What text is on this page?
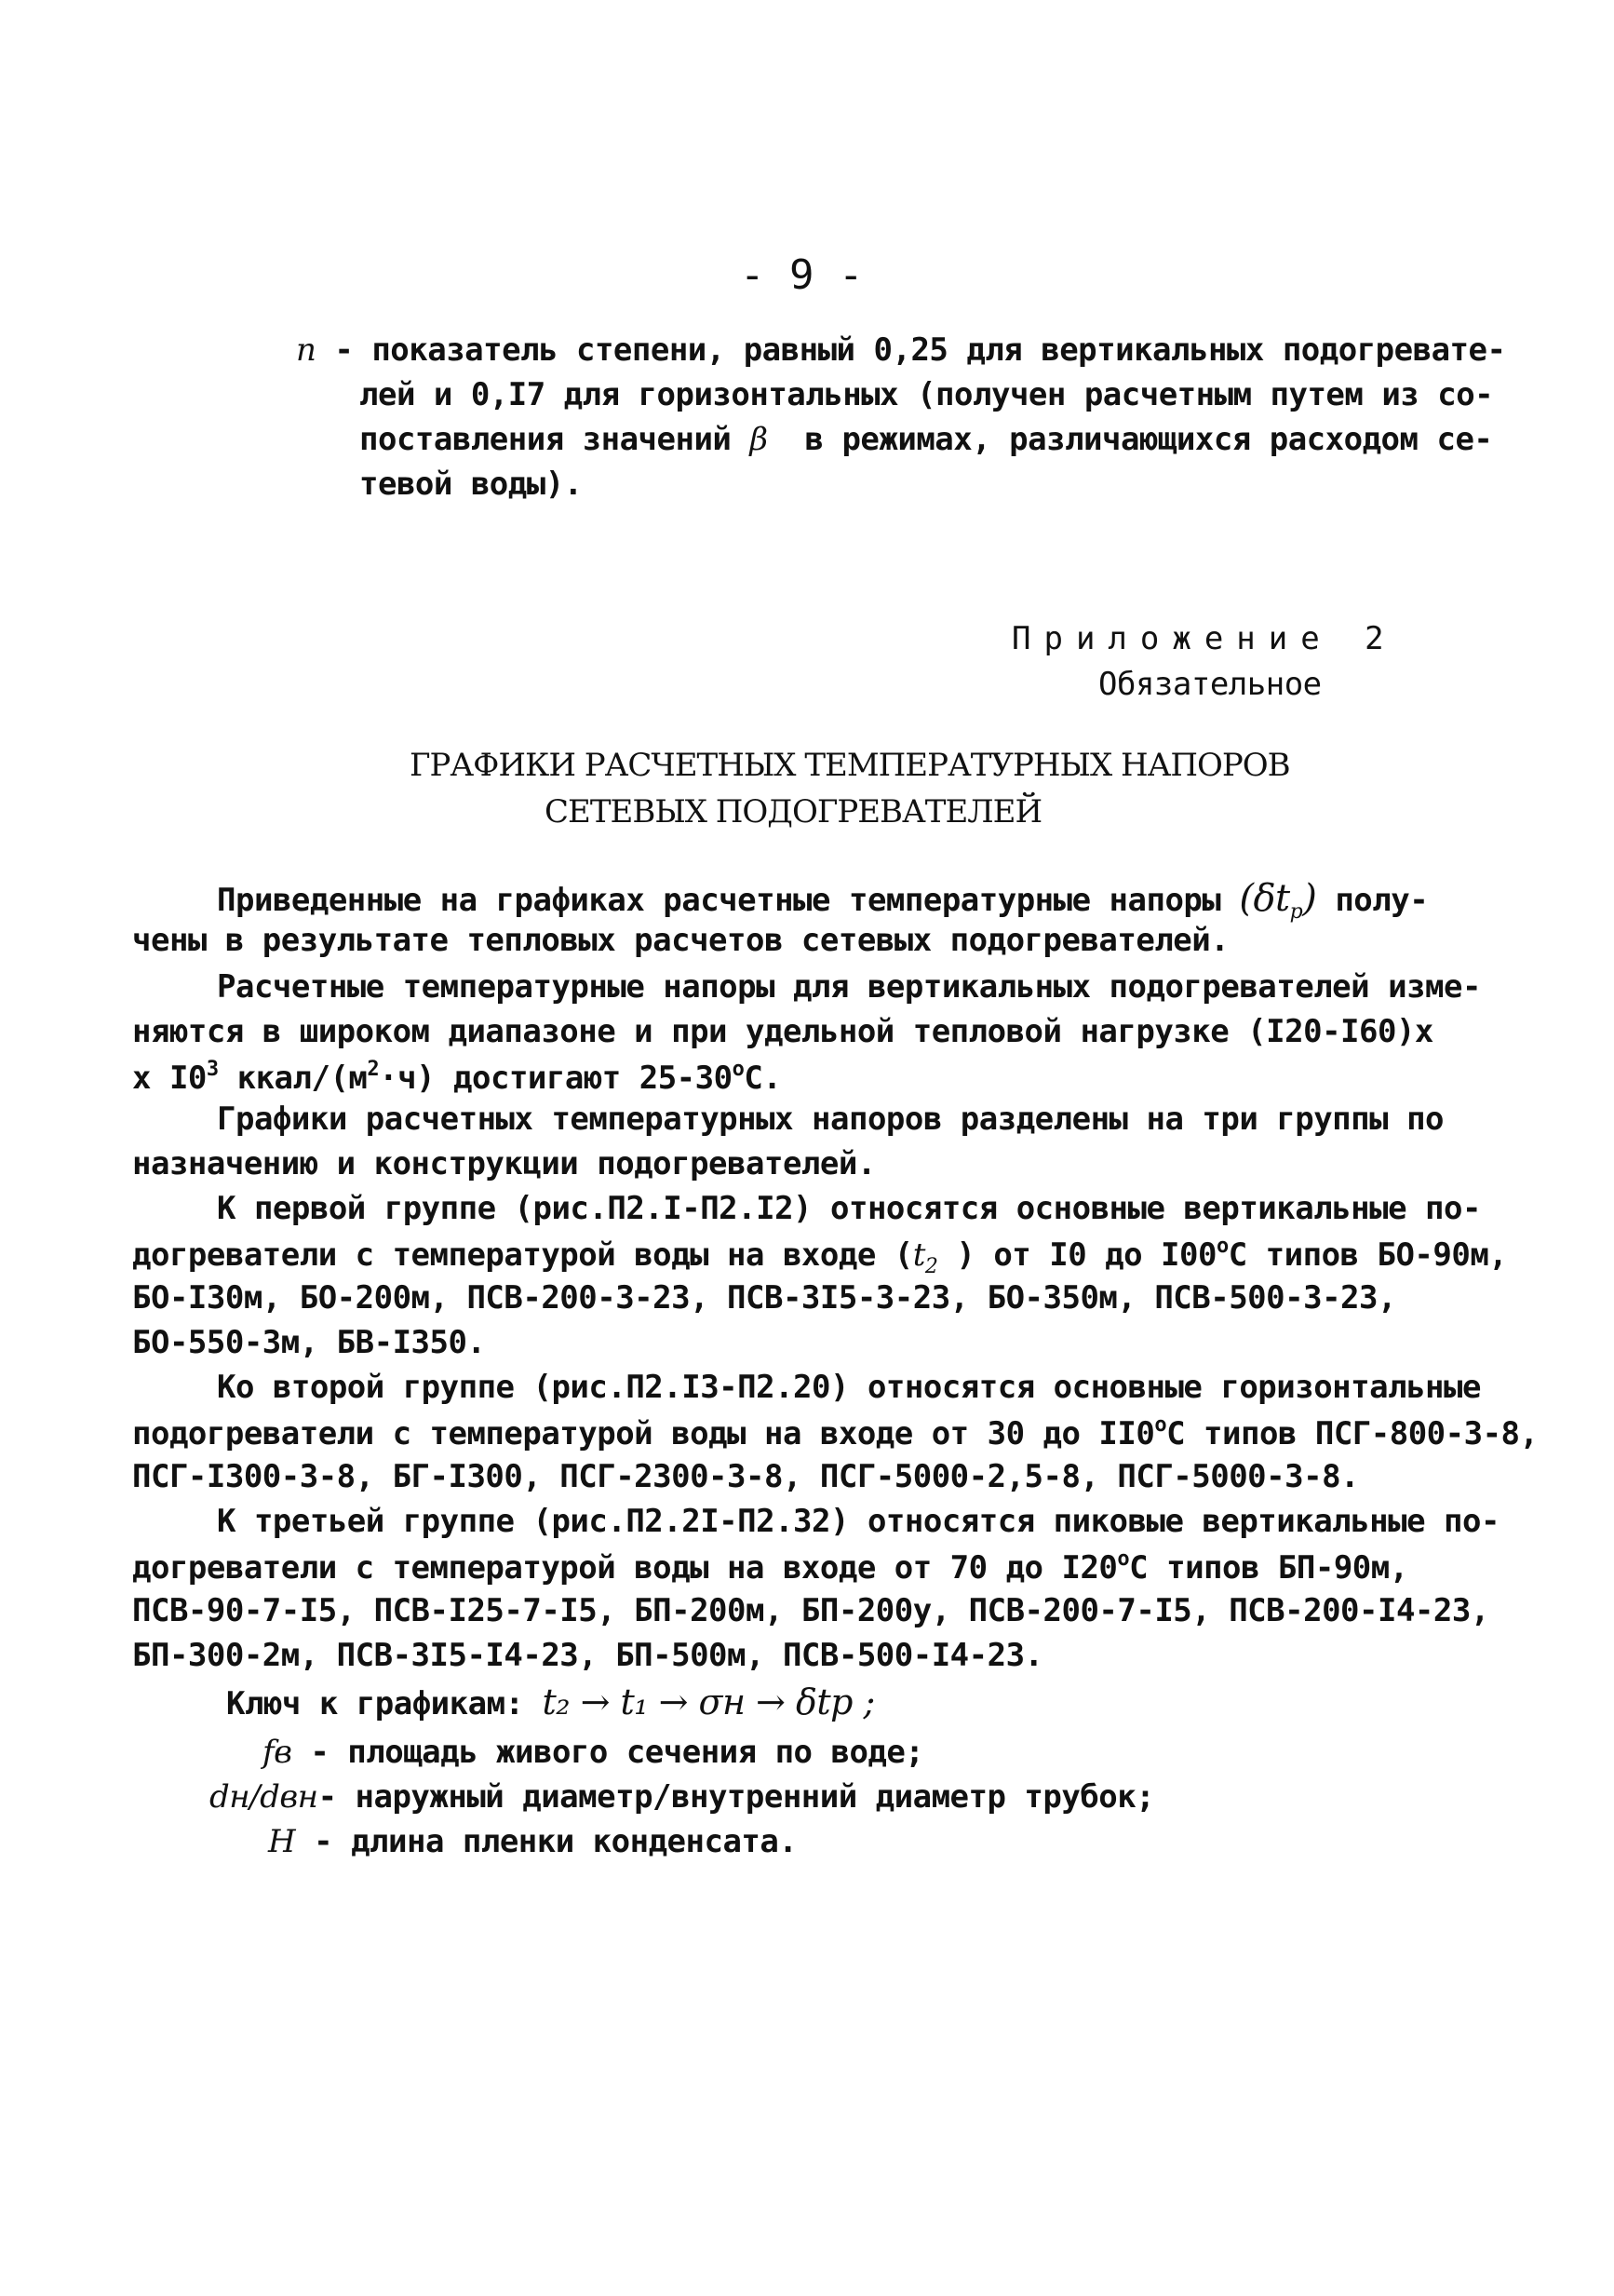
- 9 -
n - показатель степени, равный 0,25 для вертикальных подогревате-
лей и 0,I7 для горизонтальных (получен расчетным путем из со-
поставления значений β в режимах, различающихся расходом се-
тевой воды).
Приложение 2
Обязательное
ГРАФИКИ РАСЧЕТНЫХ ТЕМПЕРАТУРНЫХ НАПОРОВ
СЕТЕВЫХ ПОДОГРЕВАТЕЛЕЙ
Приведенные на графиках расчетные температурные напоры $(\delta t_p)$ полу-
чены в результате тепловых расчетов сетевых подогревателей.
Расчетные температурные напоры для вертикальных подогревателей изме-
няются в широком диапазоне и при удельной тепловой нагрузке (I20-I60)x
x $I0^3$ ккал/$(м^2\cdot ч)$ достигают 25-30$^o$C.
Графики расчетных температурных напоров разделены на три группы по
назначению и конструкции подогревателей.
К первой группе (рис.П2.I-П2.I2) относятся основные вертикальные по-
догреватели с температурой воды на входе ($t_2$ ) от I0 до I00$^o$C типов БО-90м,
БО-I30м, БО-200м, ПСВ-200-3-23, ПСВ-3I5-3-23, БО-350м, ПСВ-500-3-23,
БО-550-3м, БВ-I350.
Ко второй группе (рис.П2.I3-П2.20) относятся основные горизонтальные
подогреватели с температурой воды на входе от 30 до II0$^o$C типов ПСГ-800-3-8,
ПСГ-I300-3-8, БГ-I300, ПСГ-2300-3-8, ПСГ-5000-2,5-8, ПСГ-5000-3-8.
К третьей группе (рис.П2.2I-П2.32) относятся пиковые вертикальные по-
догреватели с температурой воды на входе от 70 до I20$^o$C типов БП-90м,
ПСВ-90-7-I5, ПСВ-I25-7-I5, БП-200м, БП-200у, ПСВ-200-7-I5, ПСВ-200-I4-23,
БП-300-2м, ПСВ-3I5-I4-23, БП-500м, ПСВ-500-I4-23.
Ключ к графикам: t₂ → t₁ → σн → δtр ;
fв - площадь живого сечения по воде;
dн/dвн- наружный диаметр/внутренний диаметр трубок;
H - длина пленки конденсата.
